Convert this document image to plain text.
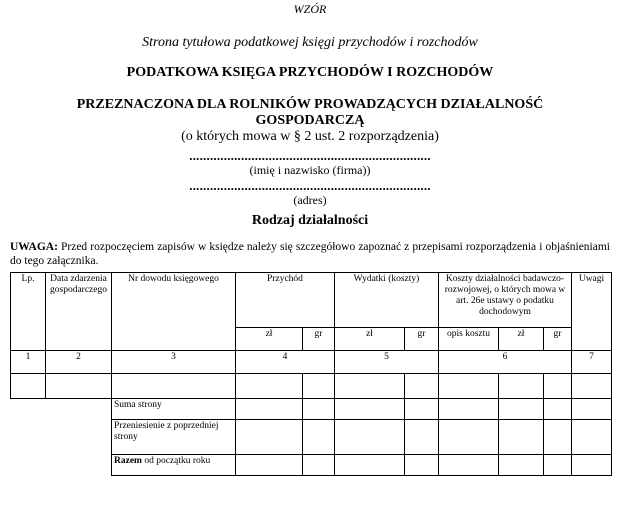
WZÓR
Strona tytułowa podatkowej księgi przychodów i rozchodów
PODATKOWA KSIĘGA PRZYCHODÓW I ROZCHODÓW
PRZEZNACZONA DLA ROLNIKÓW PROWADZĄCYCH DZIAŁALNOŚĆ
GOSPODARCZĄ
(o których mowa w § 2 ust. 2 rozporządzenia)
......................................................................
(imię i nazwisko (firma))
......................................................................
(adres)
Rodzaj działalności
UWAGA: Przed rozpoczęciem zapisów w księdze należy się szczegółowo zapoznać z przepisami rozporządzenia i objaśnieniami do tego załącznika.
Lp.	Data zdarzenia gospodarczego	Nr dowodu księgowego	Przychód		Wydatki (koszty)		Koszty działalności badawczo-rozwojowej, o których mowa w art. 26e ustawy o podatku dochodowym			Uwagi
			zł	gr	zł	gr	opis kosztu	zł	gr	
1	2	3	4		5		6			7

		Suma strony								
		Przeniesienie z poprzedniej strony								
		Razem od początku roku								
